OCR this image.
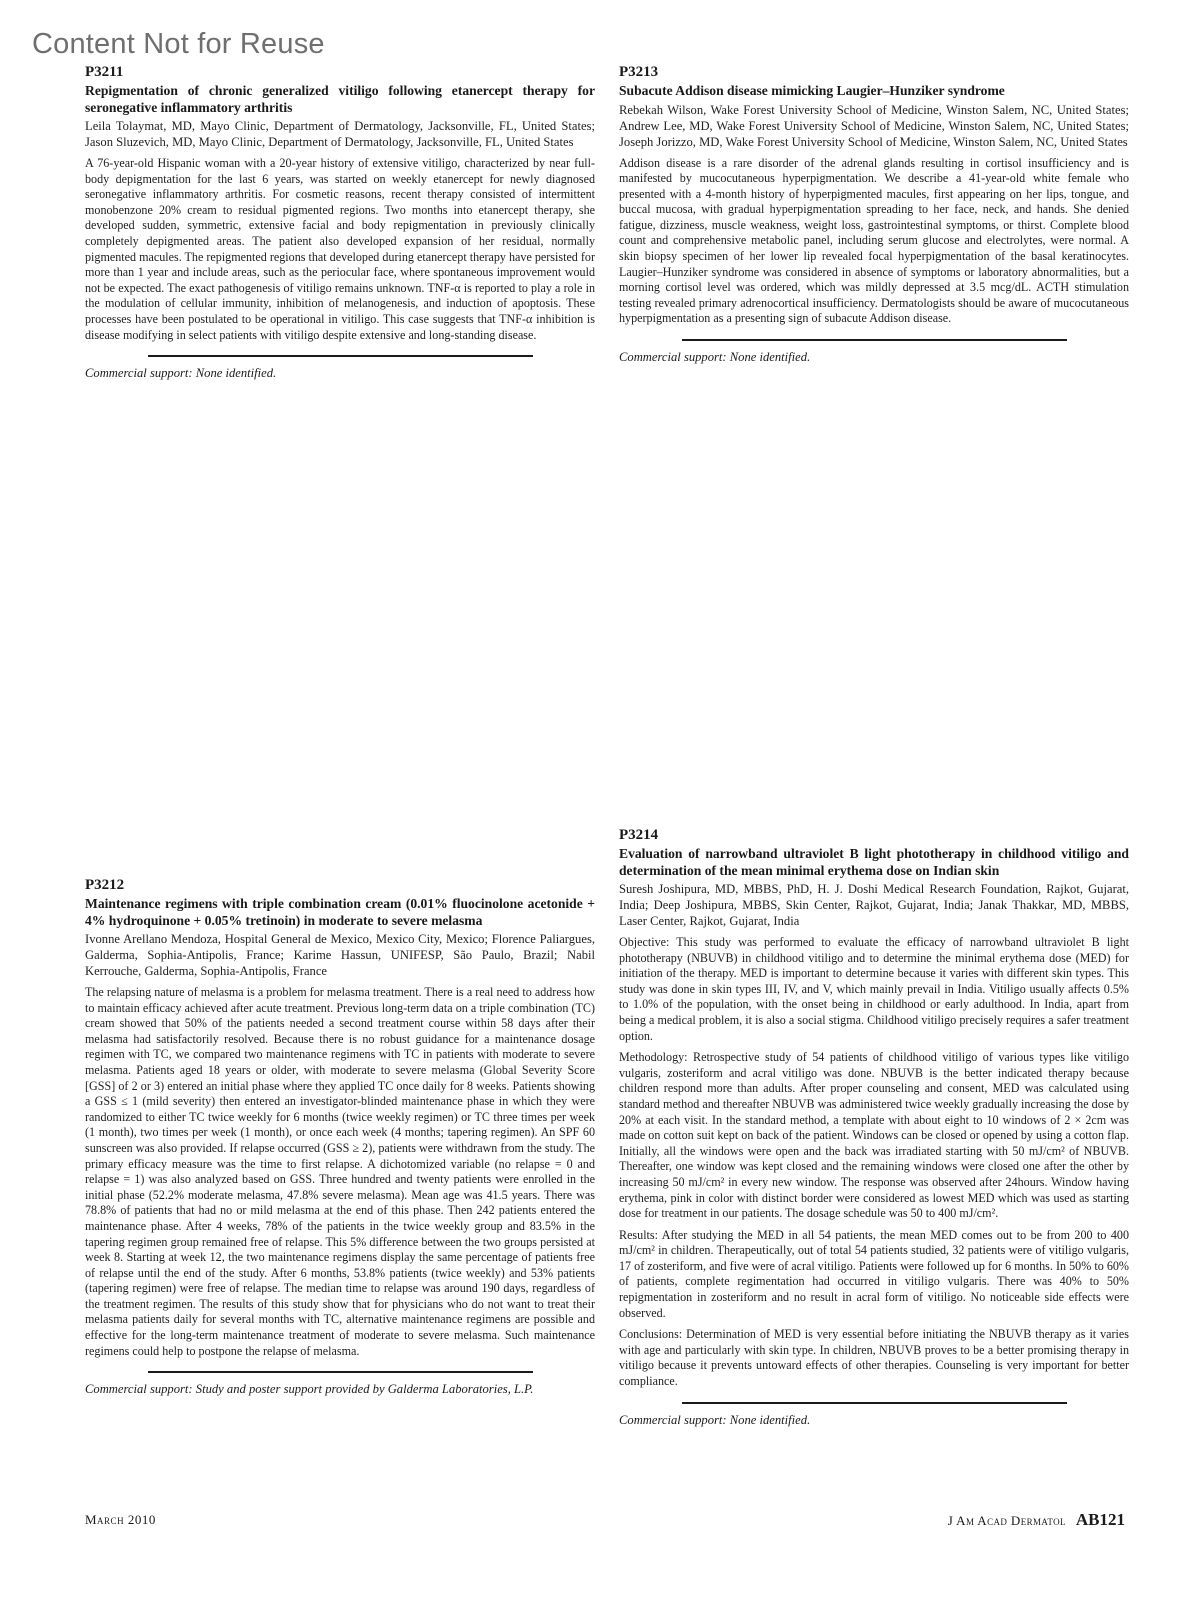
Content Not for Reuse
P3211
Repigmentation of chronic generalized vitiligo following etanercept therapy for seronegative inflammatory arthritis
Leila Tolaymat, MD, Mayo Clinic, Department of Dermatology, Jacksonville, FL, United States; Jason Sluzevich, MD, Mayo Clinic, Department of Dermatology, Jacksonville, FL, United States

A 76-year-old Hispanic woman with a 20-year history of extensive vitiligo, characterized by near full-body depigmentation for the last 6 years, was started on weekly etanercept for newly diagnosed seronegative inflammatory arthritis. For cosmetic reasons, recent therapy consisted of intermittent monobenzone 20% cream to residual pigmented regions. Two months into etanercept therapy, she developed sudden, symmetric, extensive facial and body repigmentation in previously clinically completely depigmented areas. The patient also developed expansion of her residual, normally pigmented macules. The repigmented regions that developed during etanercept therapy have persisted for more than 1 year and include areas, such as the periocular face, where spontaneous improvement would not be expected. The exact pathogenesis of vitiligo remains unknown. TNF-α is reported to play a role in the modulation of cellular immunity, inhibition of melanogenesis, and induction of apoptosis. These processes have been postulated to be operational in vitiligo. This case suggests that TNF-α inhibition is disease modifying in select patients with vitiligo despite extensive and long-standing disease.

Commercial support: None identified.

P3213
Subacute Addison disease mimicking Laugier–Hunziker syndrome
Rebekah Wilson, Wake Forest University School of Medicine, Winston Salem, NC, United States; Andrew Lee, MD, Wake Forest University School of Medicine, Winston Salem, NC, United States; Joseph Jorizzo, MD, Wake Forest University School of Medicine, Winston Salem, NC, United States

Addison disease is a rare disorder of the adrenal glands resulting in cortisol insufficiency and is manifested by mucocutaneous hyperpigmentation. We describe a 41-year-old white female who presented with a 4-month history of hyperpigmented macules, first appearing on her lips, tongue, and buccal mucosa, with gradual hyperpigmentation spreading to her face, neck, and hands. She denied fatigue, dizziness, muscle weakness, weight loss, gastrointestinal symptoms, or thirst. Complete blood count and comprehensive metabolic panel, including serum glucose and electrolytes, were normal. A skin biopsy specimen of her lower lip revealed focal hyperpigmentation of the basal keratinocytes. Laugier–Hunziker syndrome was considered in absence of symptoms or laboratory abnormalities, but a morning cortisol level was ordered, which was mildly depressed at 3.5 mcg/dL. ACTH stimulation testing revealed primary adrenocortical insufficiency. Dermatologists should be aware of mucocutaneous hyperpigmentation as a presenting sign of subacute Addison disease.

Commercial support: None identified.

P3212
Maintenance regimens with triple combination cream (0.01% fluocinolone acetonide + 4% hydroquinone + 0.05% tretinoin) in moderate to severe melasma
Ivonne Arellano Mendoza, Hospital General de Mexico, Mexico City, Mexico; Florence Paliargues, Galderma, Sophia-Antipolis, France; Karime Hassun, UNIFESP, São Paulo, Brazil; Nabil Kerrouche, Galderma, Sophia-Antipolis, France

The relapsing nature of melasma is a problem for melasma treatment. There is a real need to address how to maintain efficacy achieved after acute treatment. Previous long-term data on a triple combination (TC) cream showed that 50% of the patients needed a second treatment course within 58 days after their melasma had satisfactorily resolved. Because there is no robust guidance for a maintenance dosage regimen with TC, we compared two maintenance regimens with TC in patients with moderate to severe melasma. Patients aged 18 years or older, with moderate to severe melasma (Global Severity Score [GSS] of 2 or 3) entered an initial phase where they applied TC once daily for 8 weeks. Patients showing a GSS ≤ 1 (mild severity) then entered an investigator-blinded maintenance phase in which they were randomized to either TC twice weekly for 6 months (twice weekly regimen) or TC three times per week (1 month), two times per week (1 month), or once each week (4 months; tapering regimen). An SPF 60 sunscreen was also provided. If relapse occurred (GSS ≥ 2), patients were withdrawn from the study. The primary efficacy measure was the time to first relapse. A dichotomized variable (no relapse = 0 and relapse = 1) was also analyzed based on GSS. Three hundred and twenty patients were enrolled in the initial phase (52.2% moderate melasma, 47.8% severe melasma). Mean age was 41.5 years. There was 78.8% of patients that had no or mild melasma at the end of this phase. Then 242 patients entered the maintenance phase. After 4 weeks, 78% of the patients in the twice weekly group and 83.5% in the tapering regimen group remained free of relapse. This 5% difference between the two groups persisted at week 8. Starting at week 12, the two maintenance regimens display the same percentage of patients free of relapse until the end of the study. After 6 months, 53.8% patients (twice weekly) and 53% patients (tapering regimen) were free of relapse. The median time to relapse was around 190 days, regardless of the treatment regimen. The results of this study show that for physicians who do not want to treat their melasma patients daily for several months with TC, alternative maintenance regimens are possible and effective for the long-term maintenance treatment of moderate to severe melasma. Such maintenance regimens could help to postpone the relapse of melasma.

Commercial support: Study and poster support provided by Galderma Laboratories, L.P.

P3214
Evaluation of narrowband ultraviolet B light phototherapy in childhood vitiligo and determination of the mean minimal erythema dose on Indian skin
Suresh Joshipura, MD, MBBS, PhD, H. J. Doshi Medical Research Foundation, Rajkot, Gujarat, India; Deep Joshipura, MBBS, Skin Center, Rajkot, Gujarat, India; Janak Thakkar, MD, MBBS, Laser Center, Rajkot, Gujarat, India

Objective: This study was performed to evaluate the efficacy of narrowband ultraviolet B light phototherapy (NBUVB) in childhood vitiligo and to determine the minimal erythema dose (MED) for initiation of the therapy. MED is important to determine because it varies with different skin types. This study was done in skin types III, IV, and V, which mainly prevail in India. Vitiligo usually affects 0.5% to 1.0% of the population, with the onset being in childhood or early adulthood. In India, apart from being a medical problem, it is also a social stigma. Childhood vitiligo precisely requires a safer treatment option.

Methodology: Retrospective study of 54 patients of childhood vitiligo of various types like vitiligo vulgaris, zosteriform and acral vitiligo was done. NBUVB is the better indicated therapy because children respond more than adults. After proper counseling and consent, MED was calculated using standard method and thereafter NBUVB was administered twice weekly gradually increasing the dose by 20% at each visit. In the standard method, a template with about eight to 10 windows of 2 × 2cm was made on cotton suit kept on back of the patient. Windows can be closed or opened by using a cotton flap. Initially, all the windows were open and the back was irradiated starting with 50 mJ/cm² of NBUVB. Thereafter, one window was kept closed and the remaining windows were closed one after the other by increasing 50 mJ/cm² in every new window. The response was observed after 24hours. Window having erythema, pink in color with distinct border were considered as lowest MED which was used as starting dose for treatment in our patients. The dosage schedule was 50 to 400 mJ/cm².

Results: After studying the MED in all 54 patients, the mean MED comes out to be from 200 to 400 mJ/cm² in children. Therapeutically, out of total 54 patients studied, 32 patients were of vitiligo vulgaris, 17 of zosteriform, and five were of acral vitiligo. Patients were followed up for 6 months. In 50% to 60% of patients, complete regimentation had occurred in vitiligo vulgaris. There was 40% to 50% repigmentation in zosteriform and no result in acral form of vitiligo. No noticeable side effects were observed.

Conclusions: Determination of MED is very essential before initiating the NBUVB therapy as it varies with age and particularly with skin type. In children, NBUVB proves to be a better promising therapy in vitiligo because it prevents untoward effects of other therapies. Counseling is very important for better compliance.

Commercial support: None identified.

March 2010	J Am Acad Dermatol AB121
